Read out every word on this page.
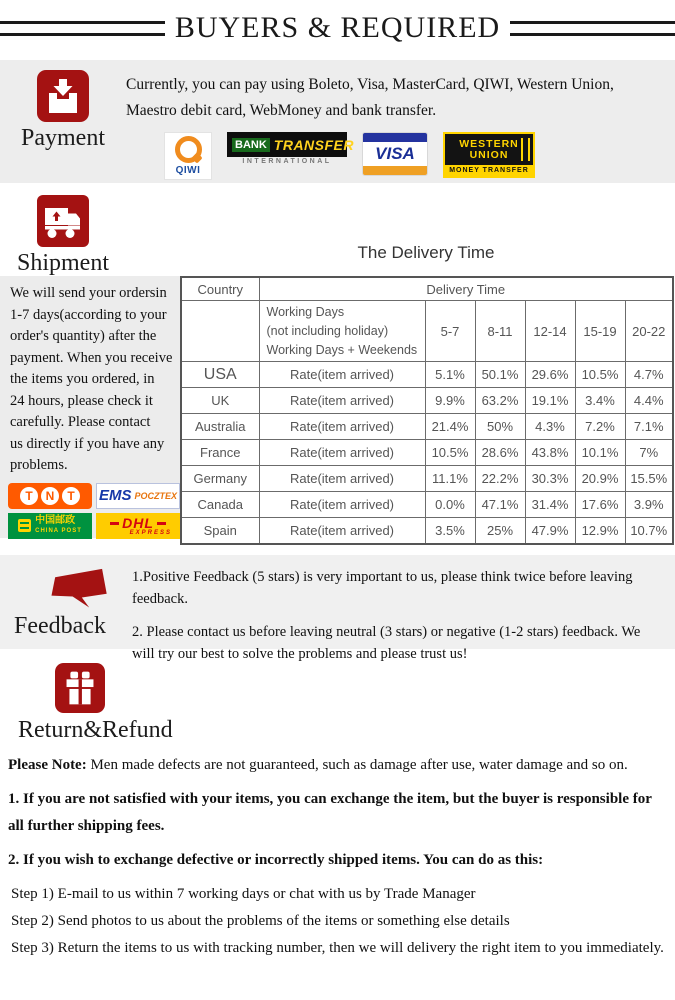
BUYERS & REQUIRED
Payment

Currently, you can pay using Boleto, Visa, MasterCard, QIWI, Western Union, Maestro debit card, WebMoney and bank transfer.

QIWI
BANK TRANSFER
INTERNATIONAL	VISA
WESTERN
UNION
MONEY TRANSFER
Shipment	The Delivery Time
We will send your ordersin
1-7 days(according to your
order's quantity) after the
payment. When you receive
the items you ordered, in
24 hours, please check it
carefully. Please contact
us directly if you have any
problems.
T	N	T	EMS POCZTEX
中国邮政
CHINA POST	DHL
EXPRESS
Country	Delivery Time					

	Working Days
(not including holiday)
Working Days + Weekends	5-7	8-11	12-14	15-19	20-22
USA	Rate(item arrived)	5.1%	50.1%	29.6%	10.5%	4.7%
UK	Rate(item arrived)	9.9%	63.2%	19.1%	3.4%	4.4%
Australia	Rate(item arrived)	21.4%	50%	4.3%	7.2%	7.1%
France	Rate(item arrived)	10.5%	28.6%	43.8%	10.1%	7%
Germany	Rate(item arrived)	11.1%	22.2%	30.3%	20.9%	15.5%
Canada	Rate(item arrived)	0.0%	47.1%	31.4%	17.6%	3.9%
Spain	Rate(item arrived)	3.5%	25%	47.9%	12.9%	10.7%
Feedback

1.Positive Feedback (5 stars) is very important to us, please think twice before leaving feedback.

2. Please contact us before leaving neutral (3 stars) or negative (1-2 stars) feedback. We will try our best to solve the problems and please trust us!

Return&Refund

Please Note: Men made defects are not guaranteed, such as damage after use, water damage and so on.

1. If you are not satisfied with your items, you can exchange the item, but the buyer is responsible for all further shipping fees.

2. If you wish to exchange defective or incorrectly shipped items. You can do as this:

Step 1) E-mail to us within 7 working days or chat with us by Trade Manager

Step 2) Send photos to us about the problems of the items or something else details

Step 3) Return the items to us with tracking number, then we will delivery the right item to you immediately.
